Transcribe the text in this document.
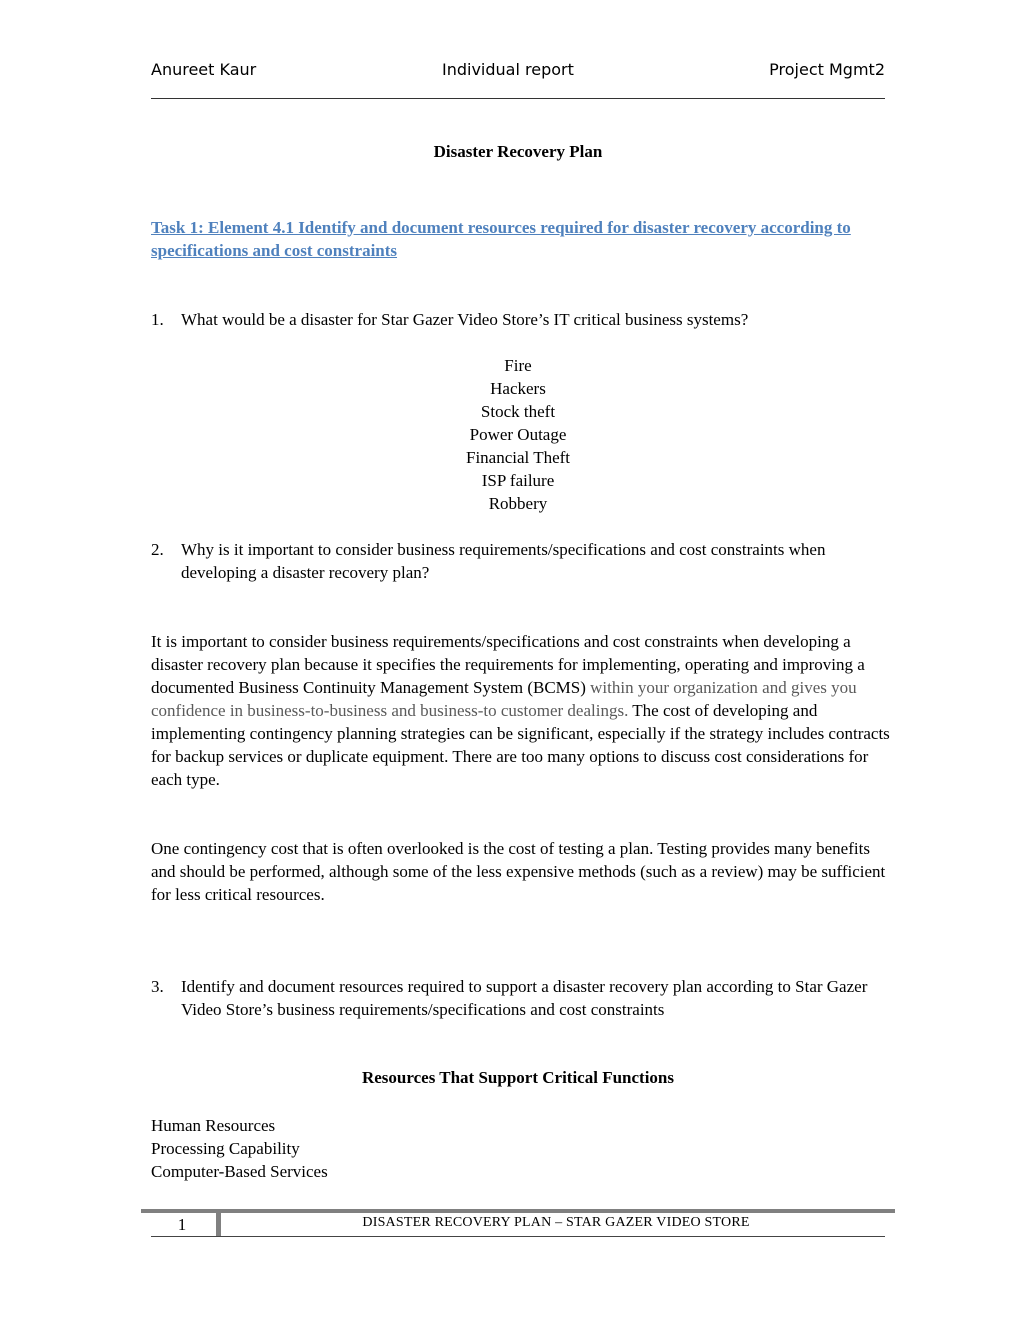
Anureet Kaur	Individual report	Project Mgmt2
Disaster Recovery Plan
Task 1: Element 4.1 Identify and document resources required for disaster recovery according to specifications and cost constraints
1. What would be a disaster for Star Gazer Video Store’s IT critical business systems?
Fire
Hackers
Stock theft
Power Outage
Financial Theft
ISP failure
Robbery
2. Why is it important to consider business requirements/specifications and cost constraints when developing a disaster recovery plan?
It is important to consider business requirements/specifications and cost constraints when developing a disaster recovery plan because it specifies the requirements for implementing, operating and improving a documented Business Continuity Management System (BCMS) within your organization and gives you confidence in business-to-business and business-to customer dealings. The cost of developing and implementing contingency planning strategies can be significant, especially if the strategy includes contracts for backup services or duplicate equipment. There are too many options to discuss cost considerations for each type.
One contingency cost that is often overlooked is the cost of testing a plan. Testing provides many benefits and should be performed, although some of the less expensive methods (such as a review) may be sufficient for less critical resources.
3. Identify and document resources required to support a disaster recovery plan according to Star Gazer Video Store’s business requirements/specifications and cost constraints
Resources That Support Critical Functions
Human Resources
Processing Capability
Computer-Based Services
1	DISASTER RECOVERY PLAN – STAR GAZER VIDEO STORE
